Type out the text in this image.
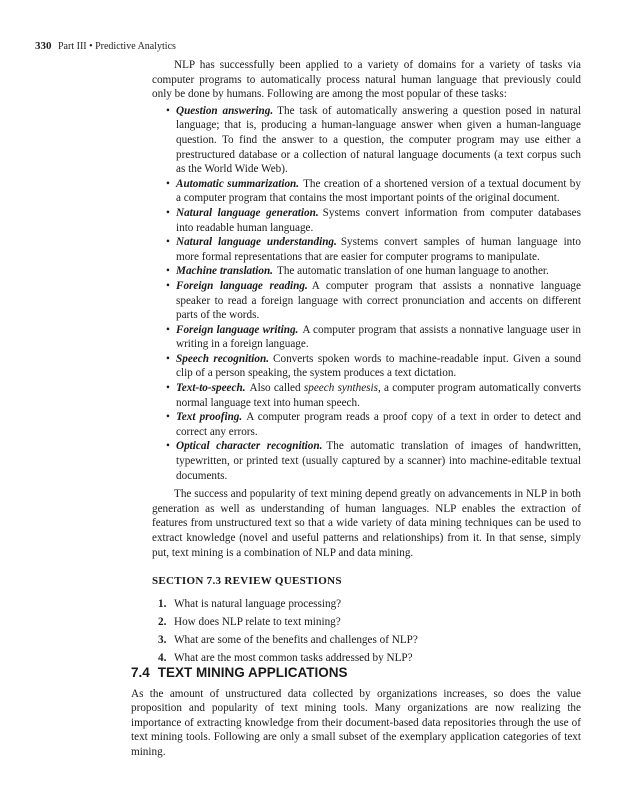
330 Part III • Predictive Analytics

NLP has successfully been applied to a variety of domains for a variety of tasks via computer programs to automatically process natural human language that previously could only be done by humans. Following are among the most popular of these tasks:

• Question answering. The task of automatically answering a question posed in natural language; that is, producing a human-language answer when given a human-language question. To find the answer to a question, the computer program may use either a prestructured database or a collection of natural language documents (a text corpus such as the World Wide Web).
• Automatic summarization. The creation of a shortened version of a textual document by a computer program that contains the most important points of the original document.
• Natural language generation. Systems convert information from computer databases into readable human language.
• Natural language understanding. Systems convert samples of human language into more formal representations that are easier for computer programs to manipulate.
• Machine translation. The automatic translation of one human language to another.
• Foreign language reading. A computer program that assists a nonnative language speaker to read a foreign language with correct pronunciation and accents on different parts of the words.
• Foreign language writing. A computer program that assists a nonnative language user in writing in a foreign language.
• Speech recognition. Converts spoken words to machine-readable input. Given a sound clip of a person speaking, the system produces a text dictation.
• Text-to-speech. Also called speech synthesis, a computer program automatically converts normal language text into human speech.
• Text proofing. A computer program reads a proof copy of a text in order to detect and correct any errors.
• Optical character recognition. The automatic translation of images of handwritten, typewritten, or printed text (usually captured by a scanner) into machine-editable textual documents.

The success and popularity of text mining depend greatly on advancements in NLP in both generation as well as understanding of human languages. NLP enables the extraction of features from unstructured text so that a wide variety of data mining techniques can be used to extract knowledge (novel and useful patterns and relationships) from it. In that sense, simply put, text mining is a combination of NLP and data mining.

SECTION 7.3 REVIEW QUESTIONS
1. What is natural language processing?
2. How does NLP relate to text mining?
3. What are some of the benefits and challenges of NLP?
4. What are the most common tasks addressed by NLP?
7.4 TEXT MINING APPLICATIONS

As the amount of unstructured data collected by organizations increases, so does the value proposition and popularity of text mining tools. Many organizations are now realizing the importance of extracting knowledge from their document-based data repositories through the use of text mining tools. Following are only a small subset of the exemplary application categories of text mining.
